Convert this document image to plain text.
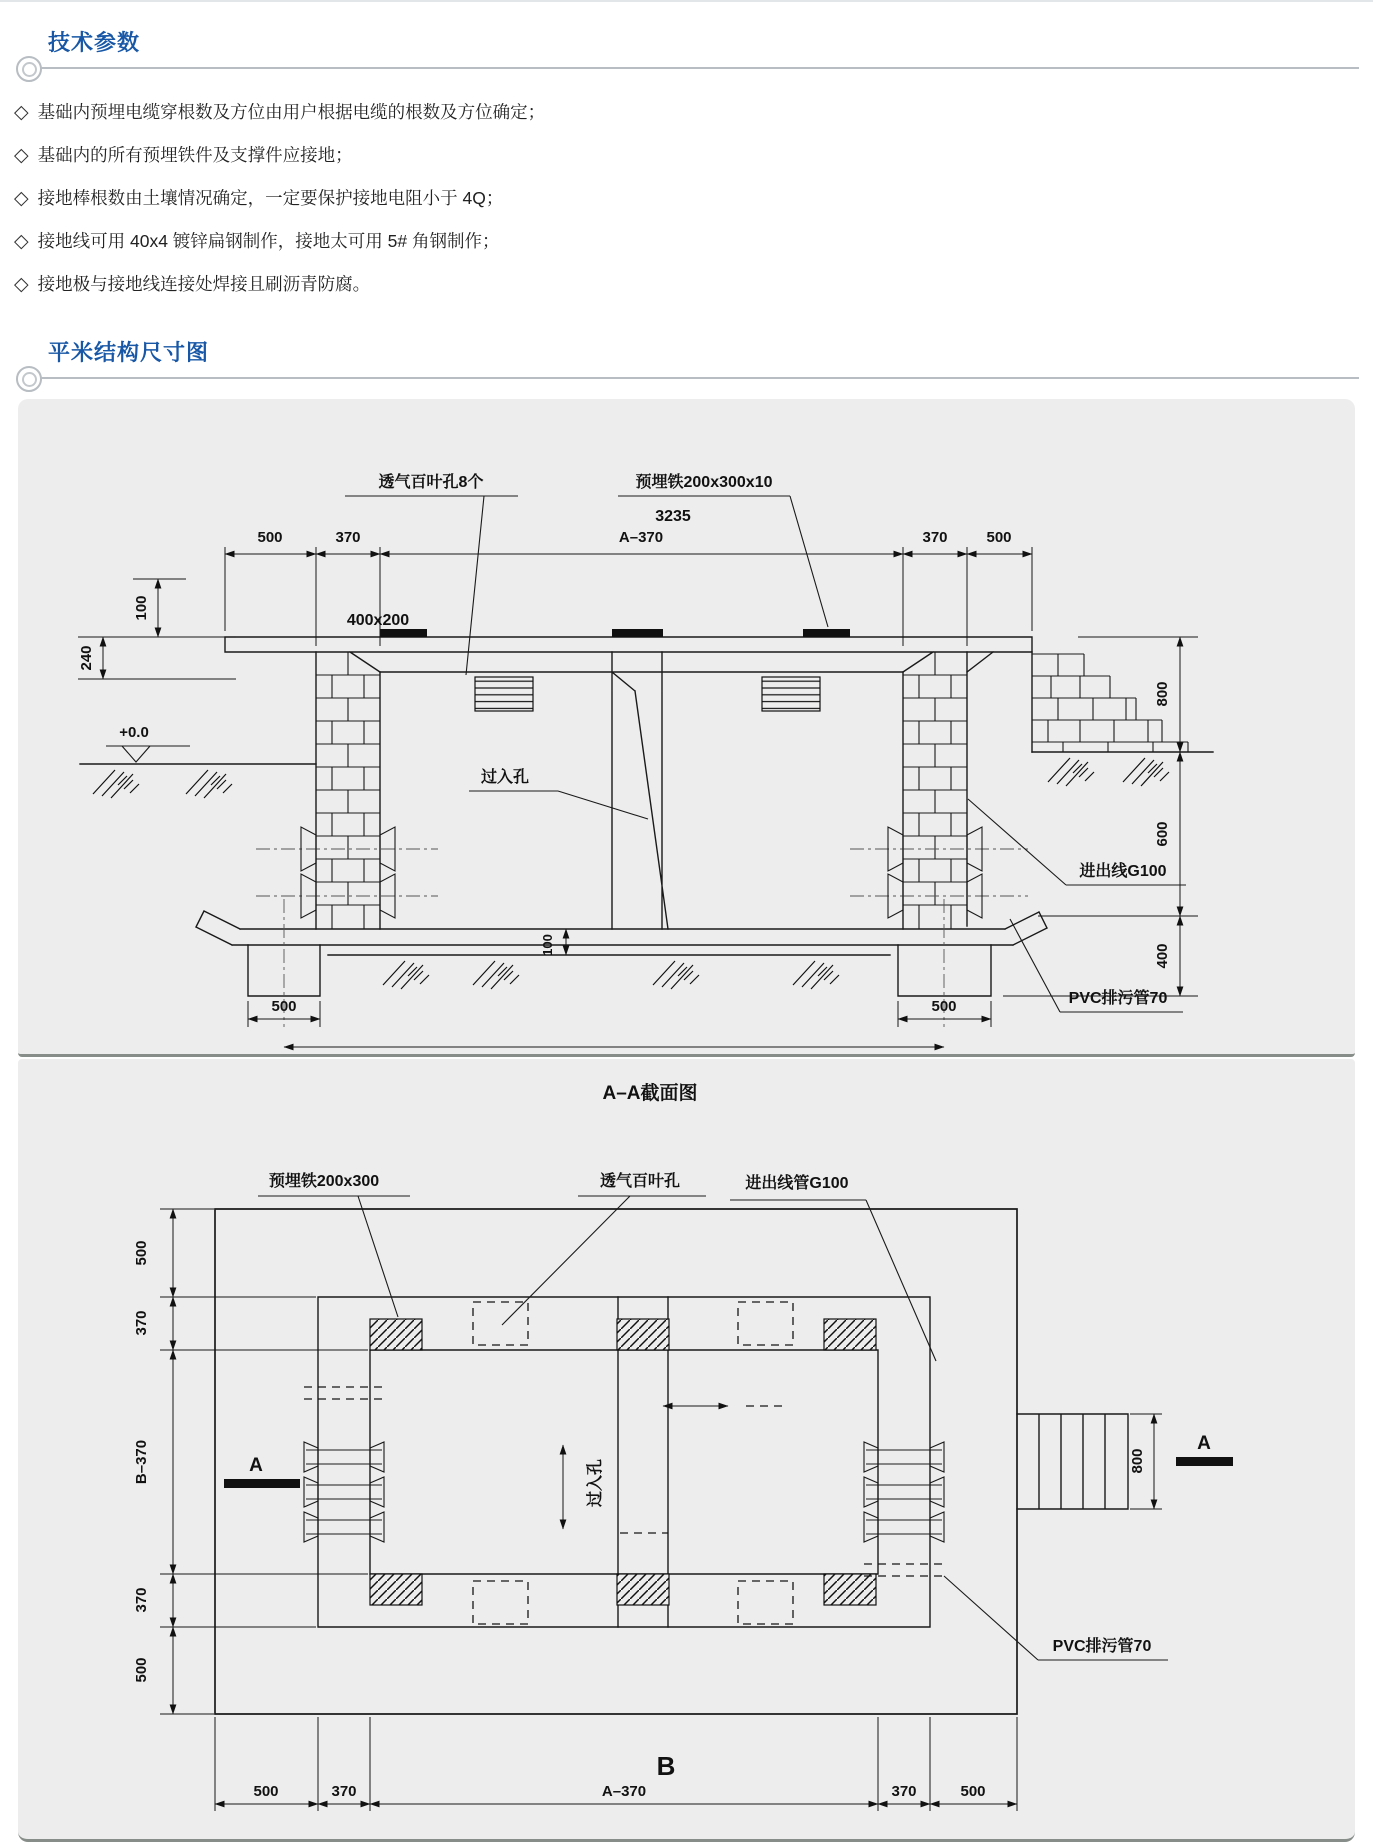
技术参数
◇ 基础内预埋电缆穿根数及方位由用户根据电缆的根数及方位确定；
◇ 基础内的所有预埋铁件及支撑件应接地；
◇ 接地棒根数由土壤情况确定，一定要保护接地电阻小于 4Q；
◇ 接地线可用 40x4 镀锌扁钢制作，接地太可用 5# 角钢制作；
◇ 接地极与接地线连接处焊接且刷沥青防腐。
平米结构尺寸图
+0.0
500	370	A–370	370	500
100
240
800
600
400
500	500
100
透气百叶孔8个	预埋铁200x300x10
3235
400x200
过入孔
进出线G100
PVC排污管70
A–A截面图
过入孔
A
A
预埋铁200x300	透气百叶孔	进出线管G100
PVC排污管70
800
500
370
B–370
370
500
500	370	A–370	370	500
B
